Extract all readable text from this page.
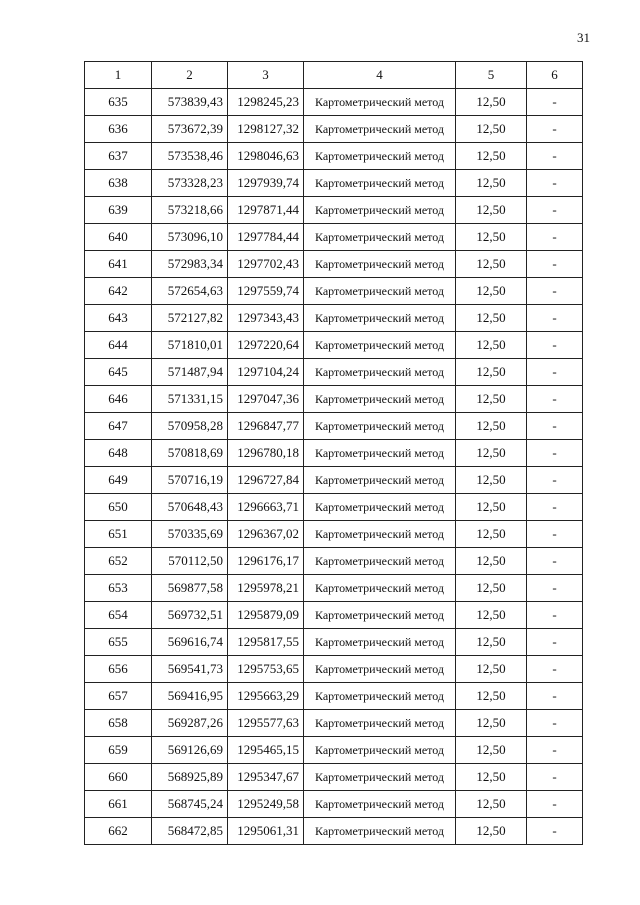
31
1	2	3	4	5	6
635	573839,43	1298245,23	Картометрический метод	12,50	-
636	573672,39	1298127,32	Картометрический метод	12,50	-
637	573538,46	1298046,63	Картометрический метод	12,50	-
638	573328,23	1297939,74	Картометрический метод	12,50	-
639	573218,66	1297871,44	Картометрический метод	12,50	-
640	573096,10	1297784,44	Картометрический метод	12,50	-
641	572983,34	1297702,43	Картометрический метод	12,50	-
642	572654,63	1297559,74	Картометрический метод	12,50	-
643	572127,82	1297343,43	Картометрический метод	12,50	-
644	571810,01	1297220,64	Картометрический метод	12,50	-
645	571487,94	1297104,24	Картометрический метод	12,50	-
646	571331,15	1297047,36	Картометрический метод	12,50	-
647	570958,28	1296847,77	Картометрический метод	12,50	-
648	570818,69	1296780,18	Картометрический метод	12,50	-
649	570716,19	1296727,84	Картометрический метод	12,50	-
650	570648,43	1296663,71	Картометрический метод	12,50	-
651	570335,69	1296367,02	Картометрический метод	12,50	-
652	570112,50	1296176,17	Картометрический метод	12,50	-
653	569877,58	1295978,21	Картометрический метод	12,50	-
654	569732,51	1295879,09	Картометрический метод	12,50	-
655	569616,74	1295817,55	Картометрический метод	12,50	-
656	569541,73	1295753,65	Картометрический метод	12,50	-
657	569416,95	1295663,29	Картометрический метод	12,50	-
658	569287,26	1295577,63	Картометрический метод	12,50	-
659	569126,69	1295465,15	Картометрический метод	12,50	-
660	568925,89	1295347,67	Картометрический метод	12,50	-
661	568745,24	1295249,58	Картометрический метод	12,50	-
662	568472,85	1295061,31	Картометрический метод	12,50	-
